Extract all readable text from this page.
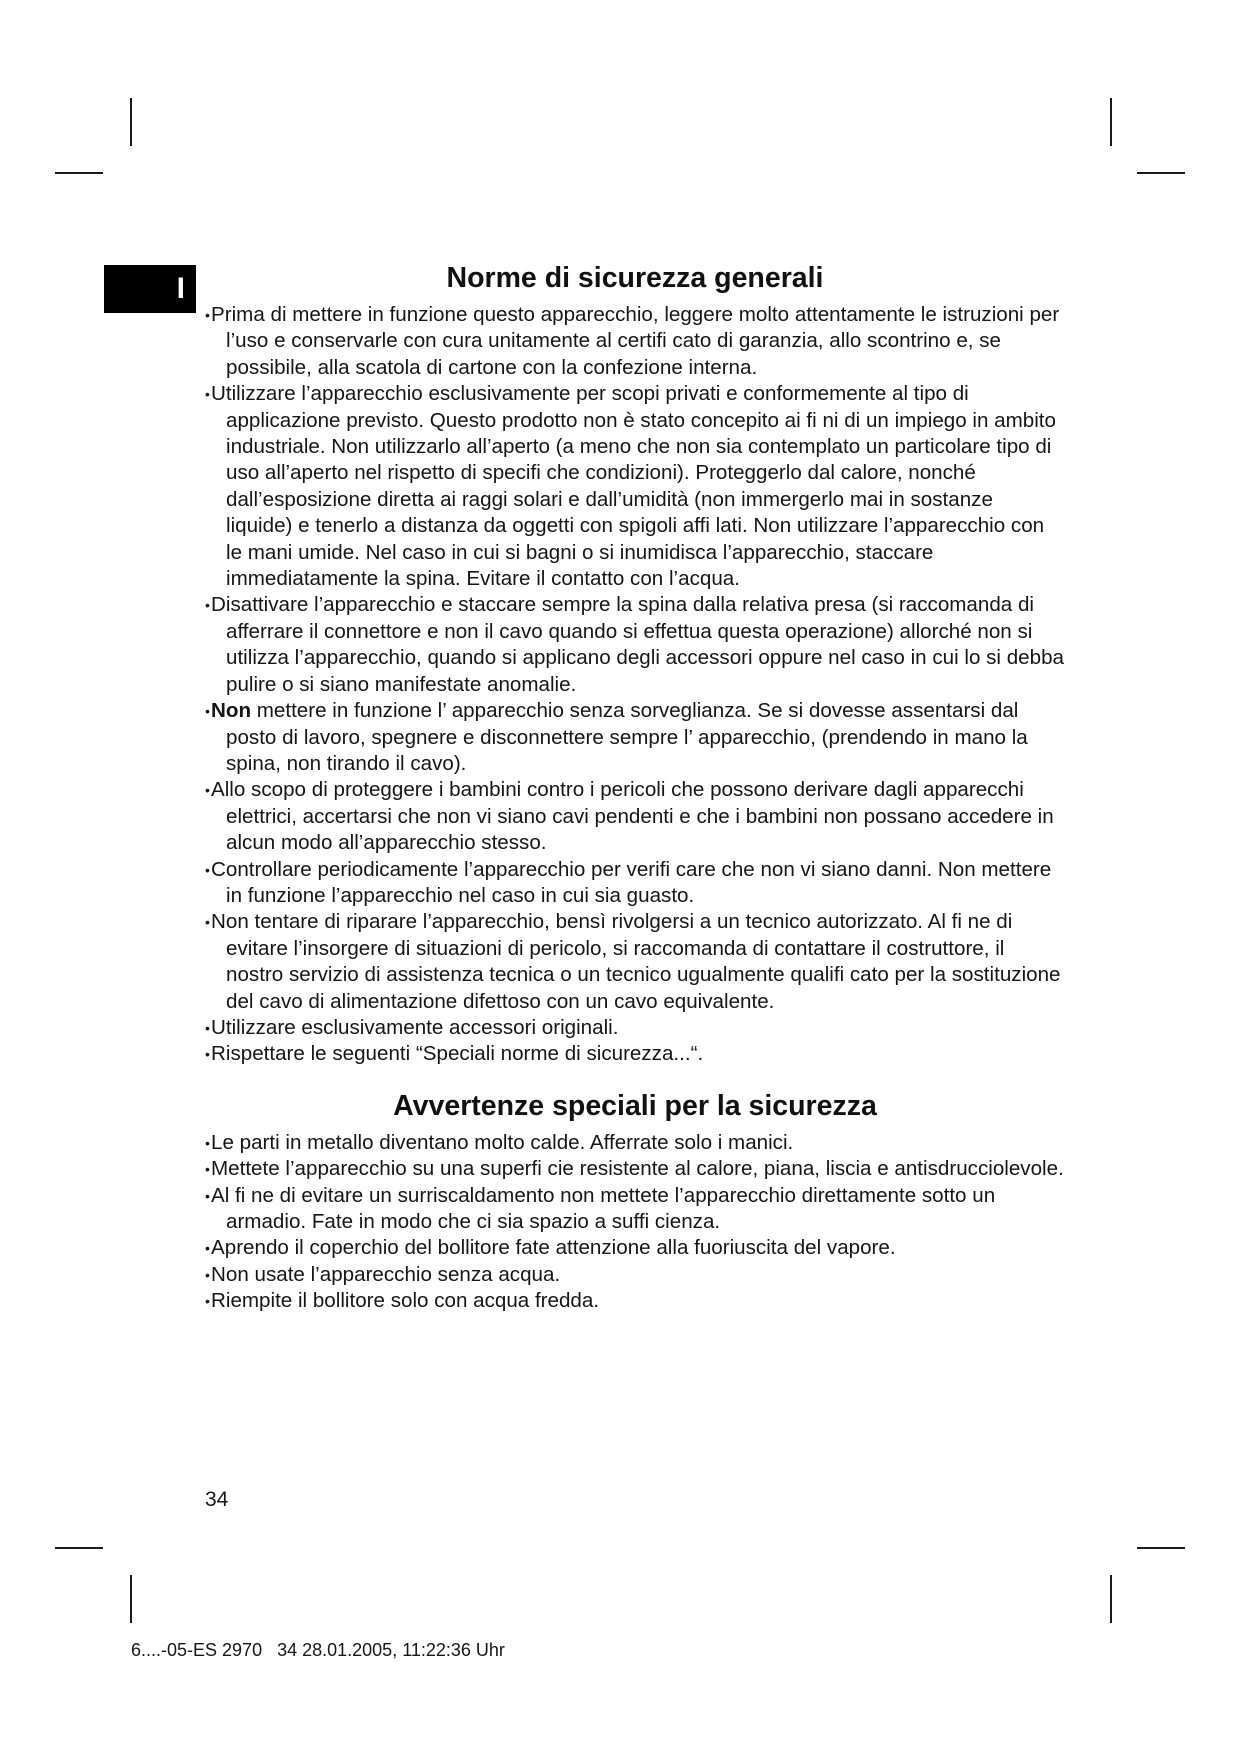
I	Norme di sicurezza generali
• Prima di mettere in funzione questo apparecchio, leggere molto attentamente le istruzioni per l’uso e conservarle con cura unitamente al certifi cato di garanzia, allo scontrino e, se possibile, alla scatola di cartone con la confezione interna.
• Utilizzare l’apparecchio esclusivamente per scopi privati e conformemente al tipo di applicazione previsto. Questo prodotto non è stato concepito ai fi ni di un impiego in ambito industriale. Non utilizzarlo all’aperto (a meno che non sia contemplato un particolare tipo di uso all’aperto nel rispetto di specifi che condizioni). Proteggerlo dal calore, nonché dall’esposizione diretta ai raggi solari e dall’umidità (non immergerlo mai in sostanze liquide) e tenerlo a distanza da oggetti con spigoli affi lati. Non utilizzare l’apparecchio con le mani umide. Nel caso in cui si bagni o si inumidisca l’apparecchio, staccare immediatamente la spina. Evitare il contatto con l’acqua.
• Disattivare l’apparecchio e staccare sempre la spina dalla relativa presa (si raccomanda di afferrare il connettore e non il cavo quando si effettua questa operazione) allorché non si utilizza l’apparecchio, quando si applicano degli accessori oppure nel caso in cui lo si debba pulire o si siano manifestate anomalie.
• Non mettere in funzione l’ apparecchio senza sorveglianza. Se si dovesse assentarsi dal posto di lavoro, spegnere e disconnettere sempre l’ apparecchio, (prendendo in mano la spina, non tirando il cavo).
• Allo scopo di proteggere i bambini contro i pericoli che possono derivare dagli apparecchi elettrici, accertarsi che non vi siano cavi pendenti e che i bambini non possano accedere in alcun modo all’apparecchio stesso.
• Controllare periodicamente l’apparecchio per verifi care che non vi siano danni. Non mettere in funzione l’apparecchio nel caso in cui sia guasto.
• Non tentare di riparare l’apparecchio, bensì rivolgersi a un tecnico autorizzato. Al fi ne di evitare l’insorgere di situazioni di pericolo, si raccomanda di contattare il costruttore, il nostro servizio di assistenza tecnica o un tecnico ugualmente qualifi cato per la sostituzione del cavo di alimentazione difettoso con un cavo equivalente.
• Utilizzare esclusivamente accessori originali.
• Rispettare le seguenti “Speciali norme di sicurezza...“.
Avvertenze speciali per la sicurezza
• Le parti in metallo diventano molto calde. Afferrate solo i manici.
• Mettete l’apparecchio su una superfi cie resistente al calore, piana, liscia e antisdrucciolevole.
• Al fi ne di evitare un surriscaldamento non mettete l’apparecchio direttamente sotto un armadio. Fate in modo che ci sia spazio a suffi cienza.
• Aprendo il coperchio del bollitore fate attenzione alla fuoriuscita del vapore.
• Non usate l’apparecchio senza acqua.
• Riempite il bollitore solo con acqua fredda.
34
6....-05-ES 2970   34 28.01.2005, 11:22:36 Uhr
